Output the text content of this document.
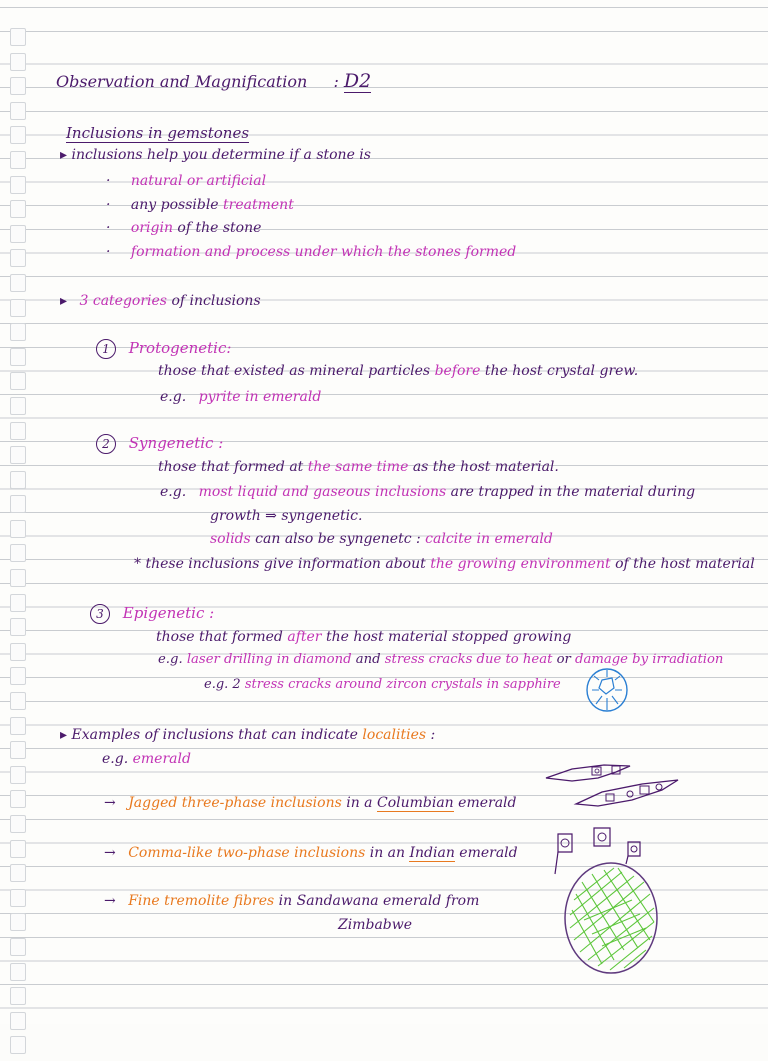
Observation and Magnification : D2
Inclusions in gemstones
▸ inclusions help you determine if a stone is
· natural or artificial
· any possible treatment
· origin of the stone
· formation and process under which the stones formed
▸ 3 categories of inclusions
1 Protogenetic:
those that existed as mineral particles before the host crystal grew.
e.g. pyrite in emerald
2 Syngenetic :
those that formed at the same time as the host material.
e.g. most liquid and gaseous inclusions are trapped in the material during
growth ⇒ syngenetic.
solids can also be syngenetc : calcite in emerald
* these inclusions give information about the growing environment of the host material
3 Epigenetic :
those that formed after the host material stopped growing
e.g. laser drilling in diamond and stress cracks due to heat or damage by irradiation
e.g. 2 stress cracks around zircon crystals in sapphire
▸ Examples of inclusions that can indicate localities :
e.g. emerald
→ Jagged three-phase inclusions in a Columbian emerald
→ Comma-like two-phase inclusions in an Indian emerald
→ Fine tremolite fibres in Sandawana emerald from
Zimbabwe
